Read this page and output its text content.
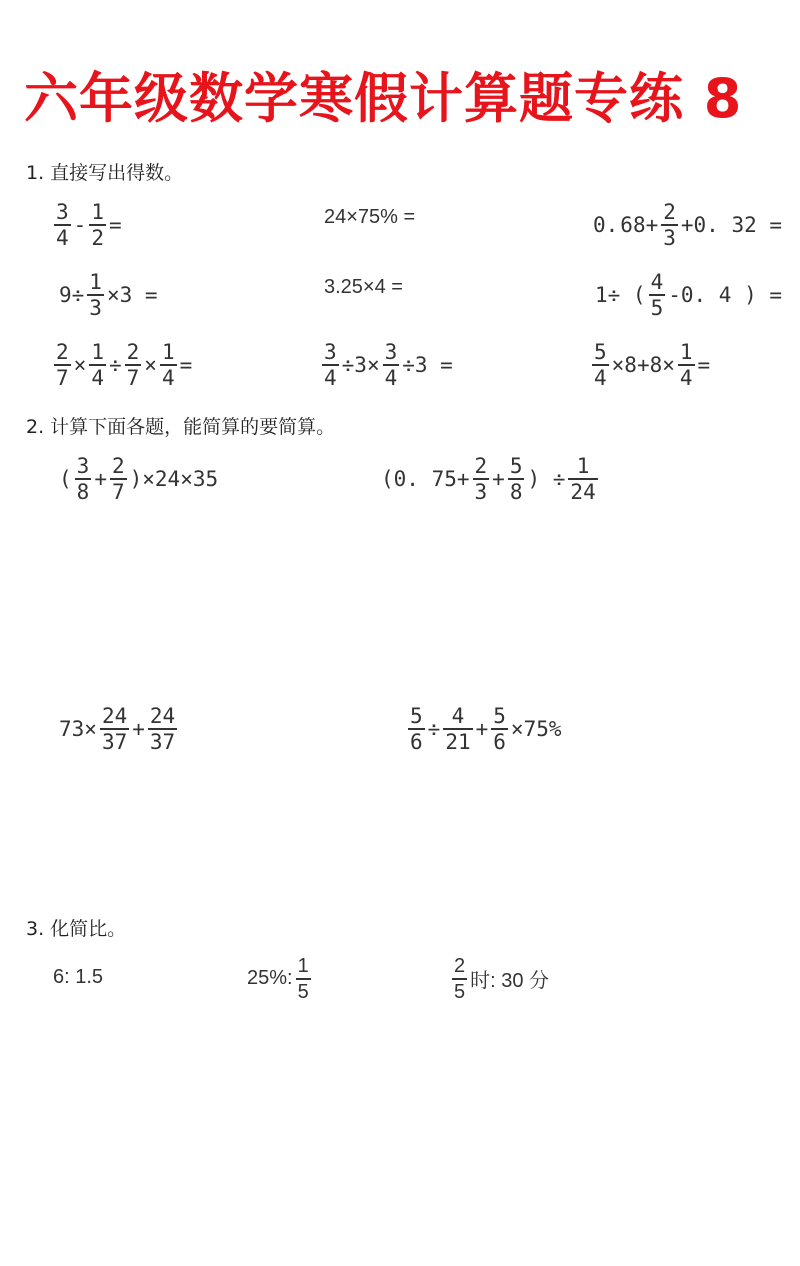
六年级数学寒假计算题专练 8
1. 直接写出得数。
$\frac{3}{4} - \frac{1}{2}$ =	24×75% =	0. $68+ \frac{2}{3} +0$. 32 =
$9\div \frac{1}{3} \times 3$ =	3.25×4 =	1÷ ( $\frac{4}{5} -0$. 4 ) =
$\frac{2}{7} \times \frac{1}{4} \div \frac{2}{7} \times \frac{1}{4}$ =	$\frac{3}{4} \div 3\times \frac{3}{4} \div 3$ =	$\frac{5}{4} \times 8+8\times \frac{1}{4}$ =
2. 计算下面各题，能简算的要简算。
( $\frac{3}{8} + \frac{2}{7} )\times 24\times 35$	(0. $75+ \frac{2}{3} + \frac{5}{8}$ ) ÷ $\frac{1}{24}$
$73\times \frac{24}{37} + \frac{24}{37}$	$\frac{5}{6} \div \frac{4}{21} + \frac{5}{6} \times 75\%$
3. 化简比。
6: 1.5	25%: $\frac{1}{5}$	$\frac{2}{5}$ 时: 30 分
